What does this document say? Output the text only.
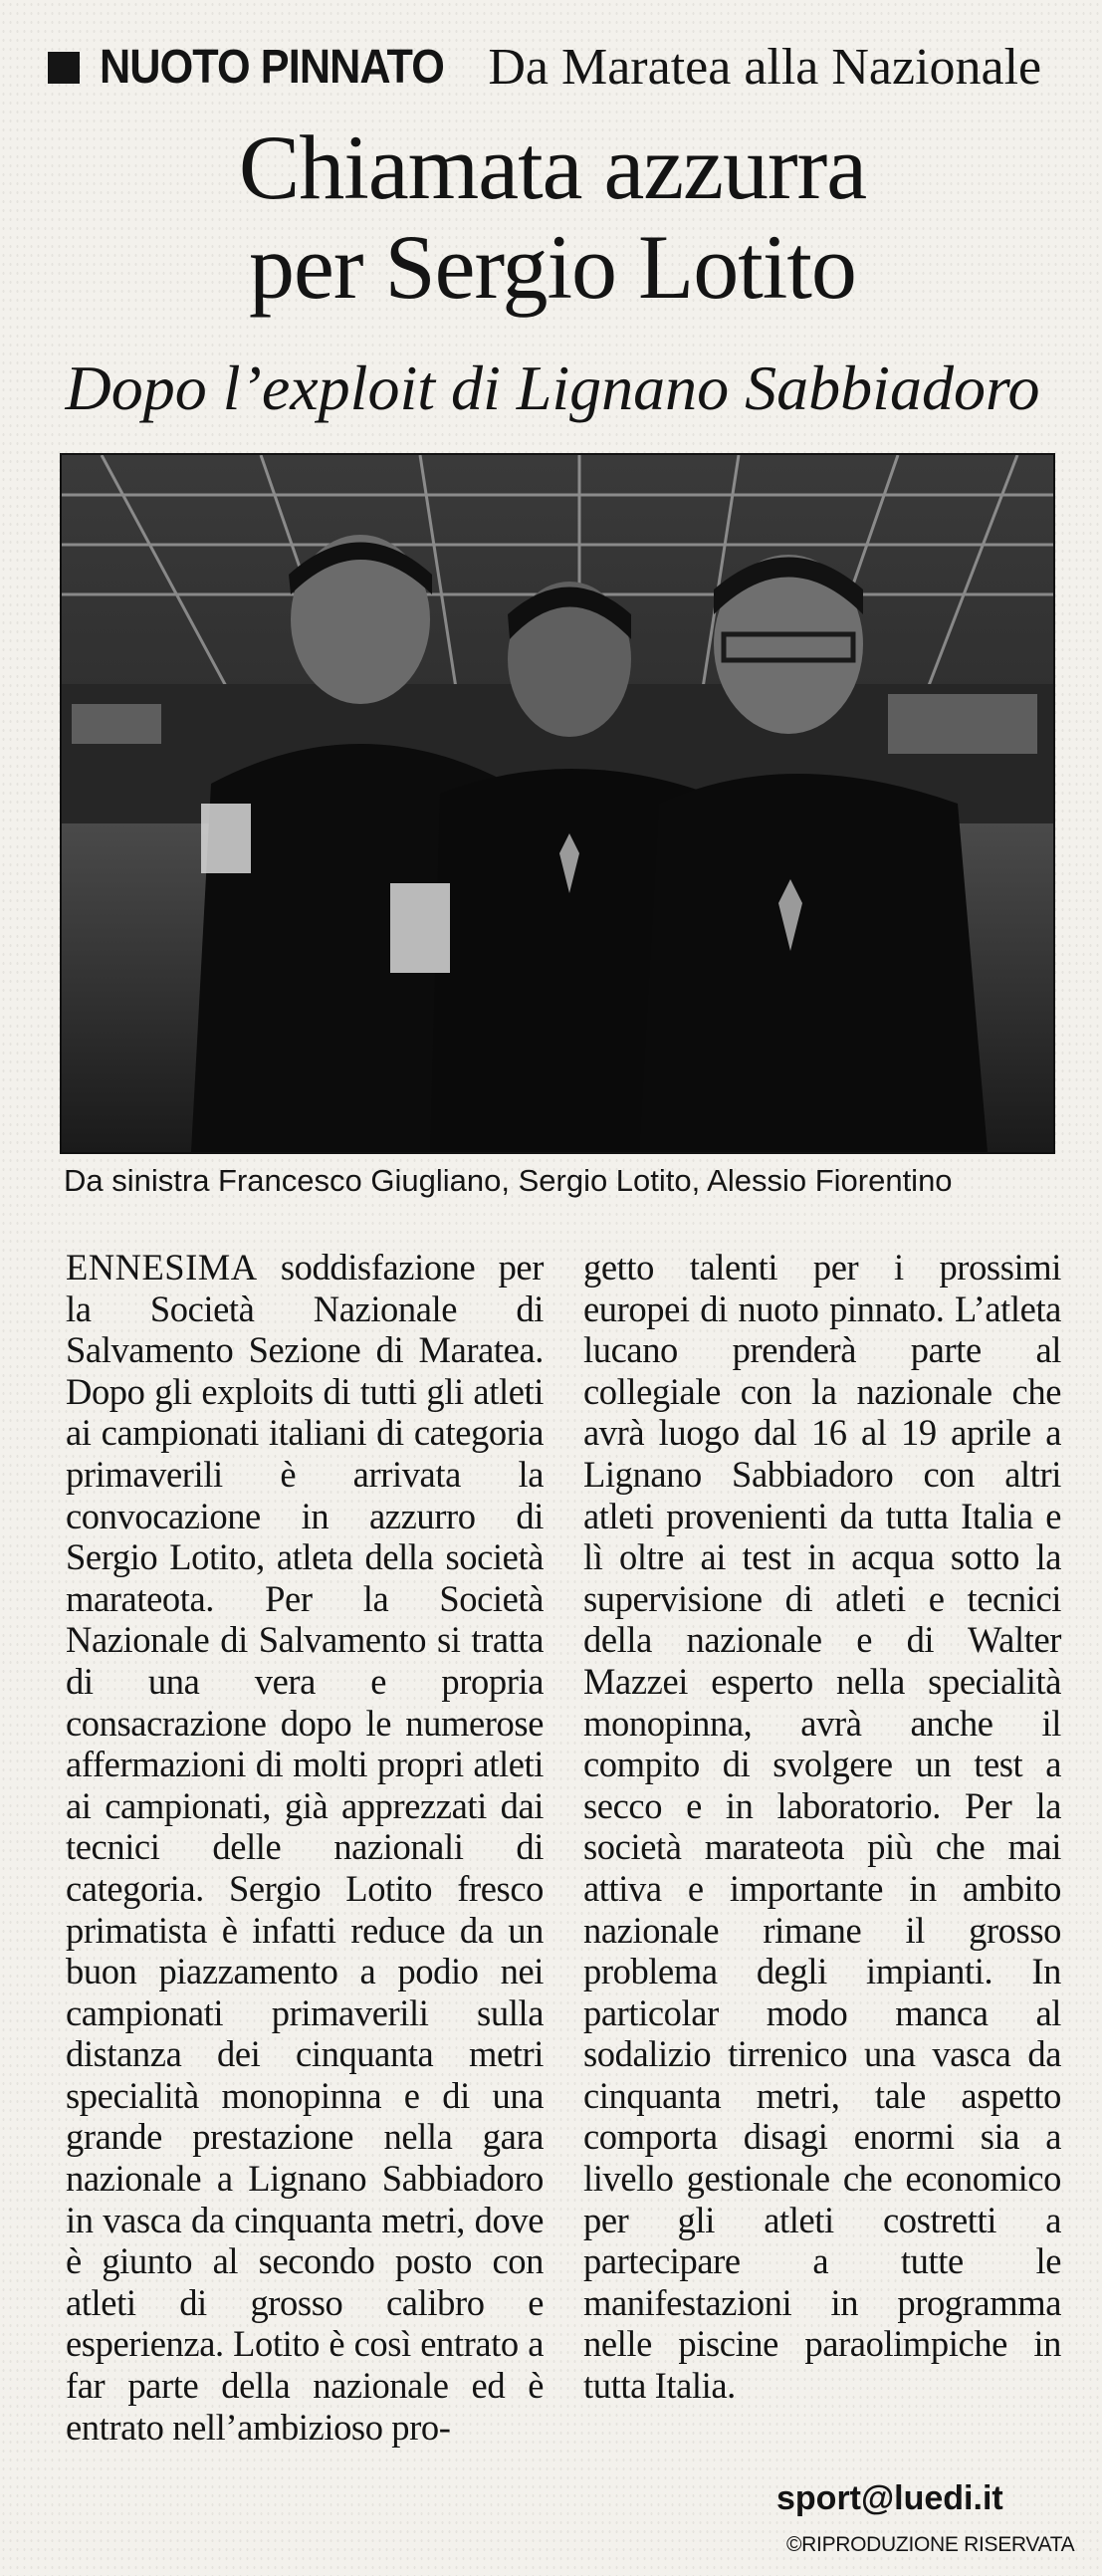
NUOTO PINNATO Da Maratea alla Nazionale
Chiamata azzurra
per Sergio Lotito
Dopo l’exploit di Lignano Sabbiadoro
Da sinistra Francesco Giugliano, Sergio Lotito, Alessio Fiorentino
ENNESIMA soddisfazione per la Società Nazionale di Salvamento Sezione di Maratea. Dopo gli exploits di tutti gli atleti ai campionati italiani di categoria primaverili è arrivata la convocazione in azzurro di Sergio Lotito, atleta della società marateota. Per la Società Nazionale di Salvamento si tratta di una vera e propria consacrazione dopo le numerose affermazioni di molti propri atleti ai campionati, già apprezzati dai tecnici delle nazionali di categoria. Sergio Lotito fresco primatista è infatti reduce da un buon piazzamento a podio nei campionati primaverili sulla distanza dei cinquanta metri specialità monopinna e di una grande prestazione nella gara nazionale a Lignano Sabbiadoro in vasca da cinquanta metri, dove è giunto al secondo posto con atleti di grosso calibro e esperienza. Lotito è così entrato a far parte della nazionale ed è entrato nell’ambizioso pro-
getto talenti per i prossimi europei di nuoto pinnato. L’atleta lucano prenderà parte al collegiale con la nazionale che avrà luogo dal 16 al 19 aprile a Lignano Sabbiadoro con altri atleti provenienti da tutta Italia e lì oltre ai test in acqua sotto la supervisione di atleti e tecnici della nazionale e di Walter Mazzei esperto nella specialità monopinna, avrà anche il compito di svolgere un test a secco e in laboratorio. Per la società marateota più che mai attiva e importante in ambito nazionale rimane il grosso problema degli impianti. In particolar modo manca al sodalizio tirrenico una vasca da cinquanta metri, tale aspetto comporta disagi enormi sia a livello gestionale che economico per gli atleti costretti a partecipare a tutte le manifestazioni in programma nelle piscine paraolimpiche in tutta Italia.
sport@luedi.it
©RIPRODUZIONE RISERVATA
